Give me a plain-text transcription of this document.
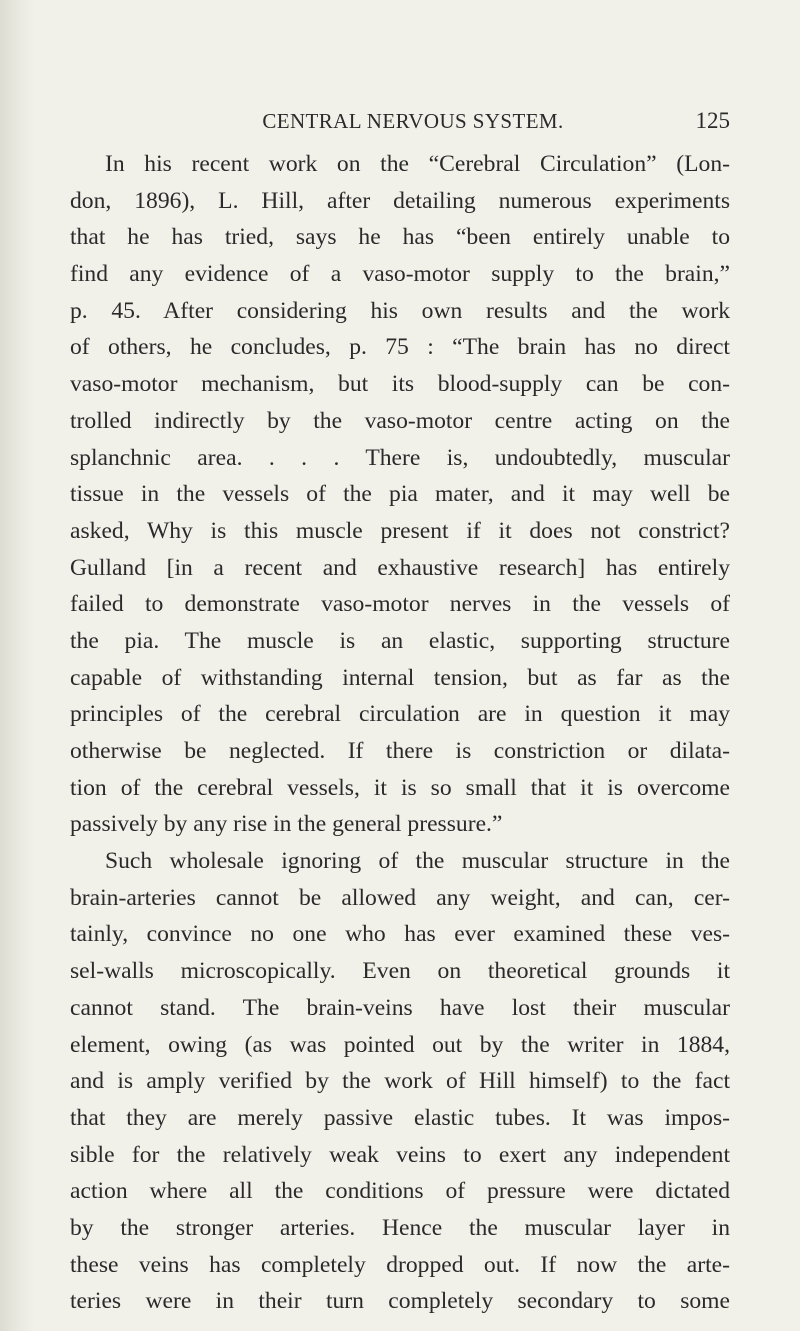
CENTRAL NERVOUS SYSTEM.	125
In his recent work on the “Cerebral Circulation” (Lon-
don, 1896), L. Hill, after detailing numerous experiments
that he has tried, says he has “been entirely unable to
find any evidence of a vaso-motor supply to the brain,”
p. 45. After considering his own results and the work
of others, he concludes, p. 75 : “The brain has no direct
vaso-motor mechanism, but its blood-supply can be con-
trolled indirectly by the vaso-motor centre acting on the
splanchnic area. . . . There is, undoubtedly, muscular
tissue in the vessels of the pia mater, and it may well be
asked, Why is this muscle present if it does not constrict?
Gulland [in a recent and exhaustive research] has entirely
failed to demonstrate vaso-motor nerves in the vessels of
the pia. The muscle is an elastic, supporting structure
capable of withstanding internal tension, but as far as the
principles of the cerebral circulation are in question it may
otherwise be neglected. If there is constriction or dilata-
tion of the cerebral vessels, it is so small that it is overcome
passively by any rise in the general pressure.”
Such wholesale ignoring of the muscular structure in the
brain-arteries cannot be allowed any weight, and can, cer-
tainly, convince no one who has ever examined these ves-
sel-walls microscopically. Even on theoretical grounds it
cannot stand. The brain-veins have lost their muscular
element, owing (as was pointed out by the writer in 1884,
and is amply verified by the work of Hill himself) to the fact
that they are merely passive elastic tubes. It was impos-
sible for the relatively weak veins to exert any independent
action where all the conditions of pressure were dictated
by the stronger arteries. Hence the muscular layer in
these veins has completely dropped out. If now the arte-
teries were in their turn completely secondary to some
